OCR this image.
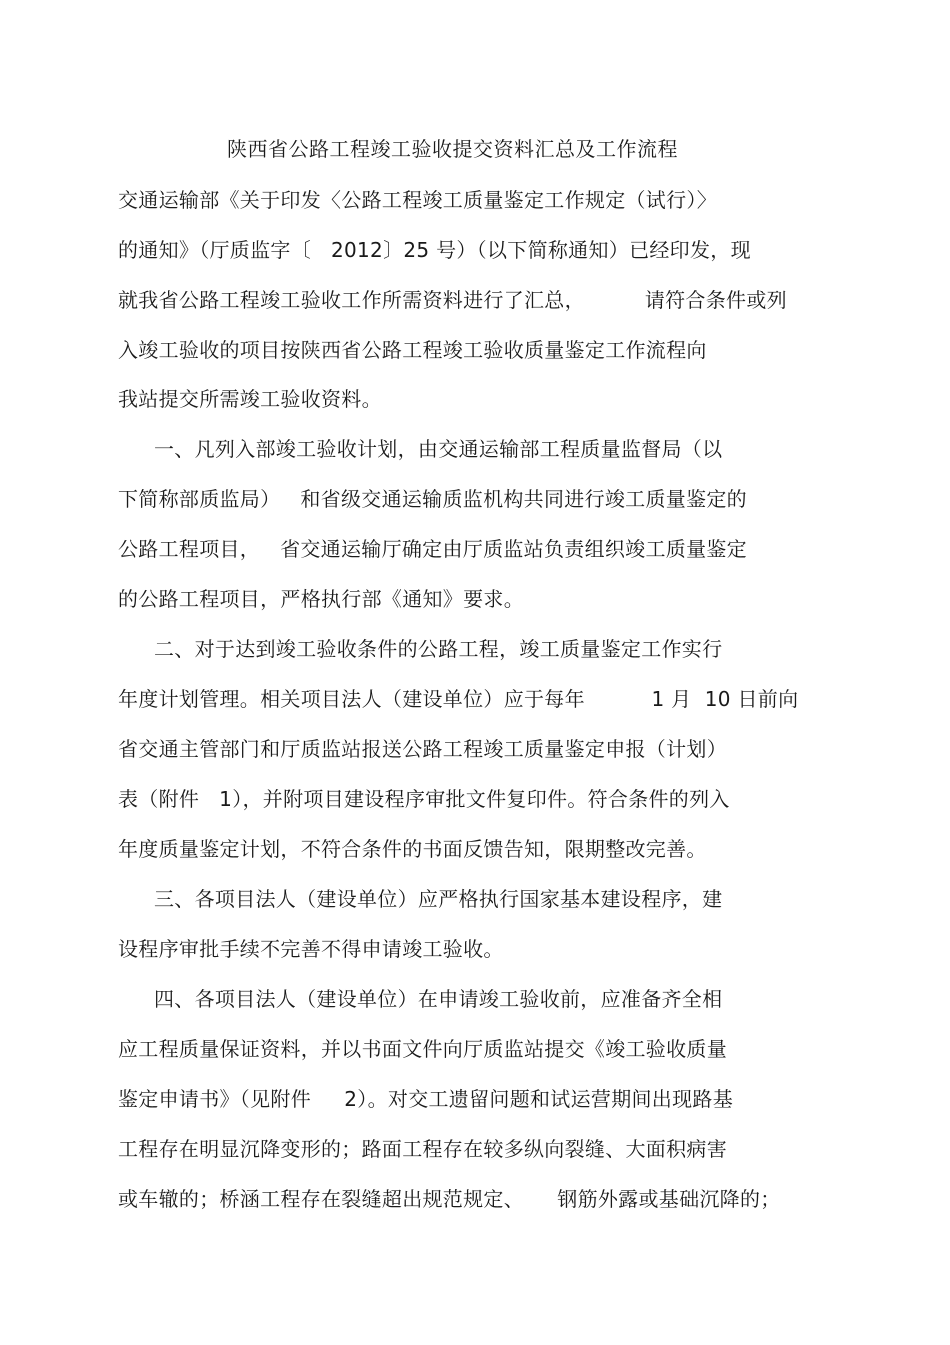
陕西省公路工程竣工验收提交资料汇总及工作流程
交通运输部《关于印发〈公路工程竣工质量鉴定工作规定（试行）〉
的通知》（厅质监字〔   2012〕25 号）（以下简称通知）已经印发，现
就我省公路工程竣工验收工作所需资料进行了汇总，         请符合条件或列
入竣工验收的项目按陕西省公路工程竣工验收质量鉴定工作流程向
我站提交所需竣工验收资料。
一、凡列入部竣工验收计划，由交通运输部工程质量监督局（以
下简称部质监局）   和省级交通运输质监机构共同进行竣工质量鉴定的
公路工程项目，   省交通运输厅确定由厅质监站负责组织竣工质量鉴定
的公路工程项目，严格执行部《通知》要求。
二、对于达到竣工验收条件的公路工程，竣工质量鉴定工作实行
年度计划管理。相关项目法人（建设单位）应于每年          1 月  10 日前向
省交通主管部门和厅质监站报送公路工程竣工质量鉴定申报（计划）
表（附件   1），并附项目建设程序审批文件复印件。符合条件的列入
年度质量鉴定计划，不符合条件的书面反馈告知，限期整改完善。
三、各项目法人（建设单位）应严格执行国家基本建设程序，建
设程序审批手续不完善不得申请竣工验收。
四、各项目法人（建设单位）在申请竣工验收前，应准备齐全相
应工程质量保证资料，并以书面文件向厅质监站提交《竣工验收质量
鉴定申请书》（见附件     2）。对交工遗留问题和试运营期间出现路基
工程存在明显沉降变形的；路面工程存在较多纵向裂缝、大面积病害
或车辙的；桥涵工程存在裂缝超出规范规定、     钢筋外露或基础沉降的；
